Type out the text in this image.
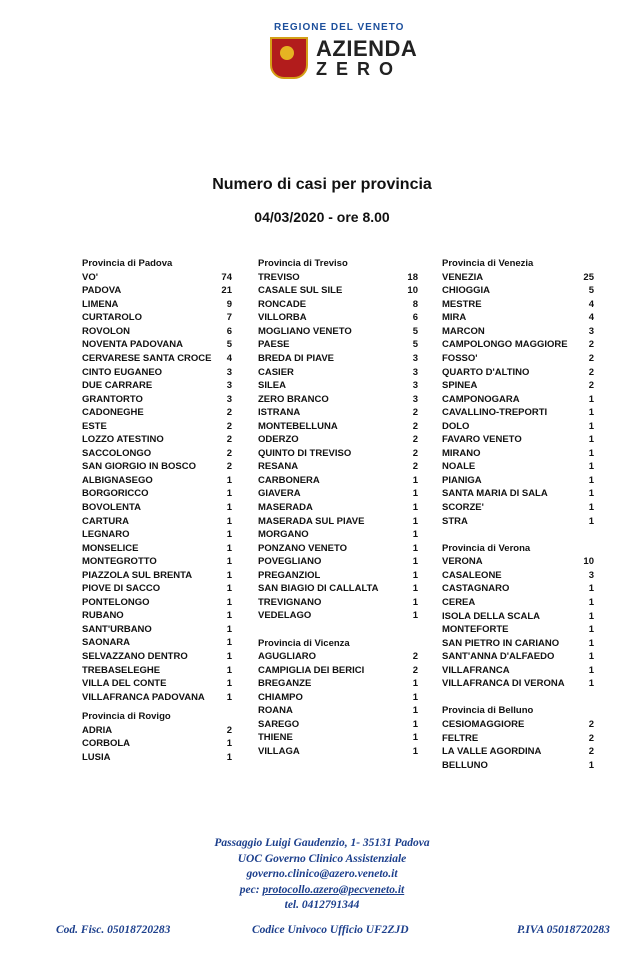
REGIONE DEL VENETO
AZIENDA
ZERO
Numero di casi per provincia
04/03/2020 - ore 8.00
Provincia di Padova
VO'	74
PADOVA	21
LIMENA	9
CURTAROLO	7
ROVOLON	6
NOVENTA PADOVANA	5
CERVARESE SANTA CROCE 4
CINTO EUGANEO	3
DUE CARRARE	3
GRANTORTO	3
CADONEGHE	2
ESTE	2
LOZZO ATESTINO	2
SACCOLONGO	2
SAN GIORGIO IN BOSCO	2
ALBIGNASEGO	1
BORGORICCO	1
BOVOLENTA	1
CARTURA	1
LEGNARO	1
MONSELICE	1
MONTEGROTTO	1
PIAZZOLA SUL BRENTA	1
PIOVE DI SACCO	1
PONTELONGO	1
RUBANO	1
SANT'URBANO	1
SAONARA	1
SELVAZZANO DENTRO	1
TREBASELEGHE	1
VILLA DEL CONTE	1
VILLAFRANCA PADOVANA 1
Provincia di Rovigo
ADRIA	2
CORBOLA	1
LUSIA	1
Provincia di Treviso
TREVISO	18
CASALE SUL SILE	10
RONCADE	8
VILLORBA	6
MOGLIANO VENETO	5
PAESE	5
BREDA DI PIAVE	3
CASIER	3
SILEA	3
ZERO BRANCO	3
ISTRANA	2
MONTEBELLUNA	2
ODERZO	2
QUINTO DI TREVISO	2
RESANA	2
CARBONERA	1
GIAVERA	1
MASERADA	1
MASERADA SUL PIAVE	1
MORGANO	1
PONZANO VENETO	1
POVEGLIANO	1
PREGANZIOL	1
SAN BIAGIO DI CALLALTA	1
TREVIGNANO	1
VEDELAGO	1
Provincia di Vicenza
AGUGLIARO	2
CAMPIGLIA DEI BERICI	2
BREGANZE	1
CHIAMPO	1
ROANA	1
SAREGO	1
THIENE	1
VILLAGA	1
Provincia di Venezia
VENEZIA	25
CHIOGGIA	5
MESTRE	4
MIRA	4
MARCON	3
CAMPOLONGO MAGGIORE 2
FOSSO'	2
QUARTO D'ALTINO	2
SPINEA	2
CAMPONOGARA	1
CAVALLINO-TREPORTI	1
DOLO	1
FAVARO VENETO	1
MIRANO	1
NOALE	1
PIANIGA	1
SANTA MARIA DI SALA	1
SCORZE'	1
STRA	1
Provincia di Verona
VERONA	10
CASALEONE	3
CASTAGNARO	1
CEREA	1
ISOLA DELLA SCALA	1
MONTEFORTE	1
SAN PIETRO IN CARIANO	1
SANT'ANNA D'ALFAEDO	1
VILLAFRANCA	1
VILLAFRANCA DI VERONA	1
Provincia di Belluno
CESIOMAGGIORE	2
FELTRE	2
LA VALLE AGORDINA	2
BELLUNO	1
Passaggio Luigi Gaudenzio, 1- 35131 Padova
UOC Governo Clinico Assistenziale
governo.clinico@azero.veneto.it
pec: protocollo.azero@pecveneto.it
tel. 0412791344
Cod. Fisc. 05018720283	Codice Univoco Ufficio UF2ZJD	P.IVA 05018720283
